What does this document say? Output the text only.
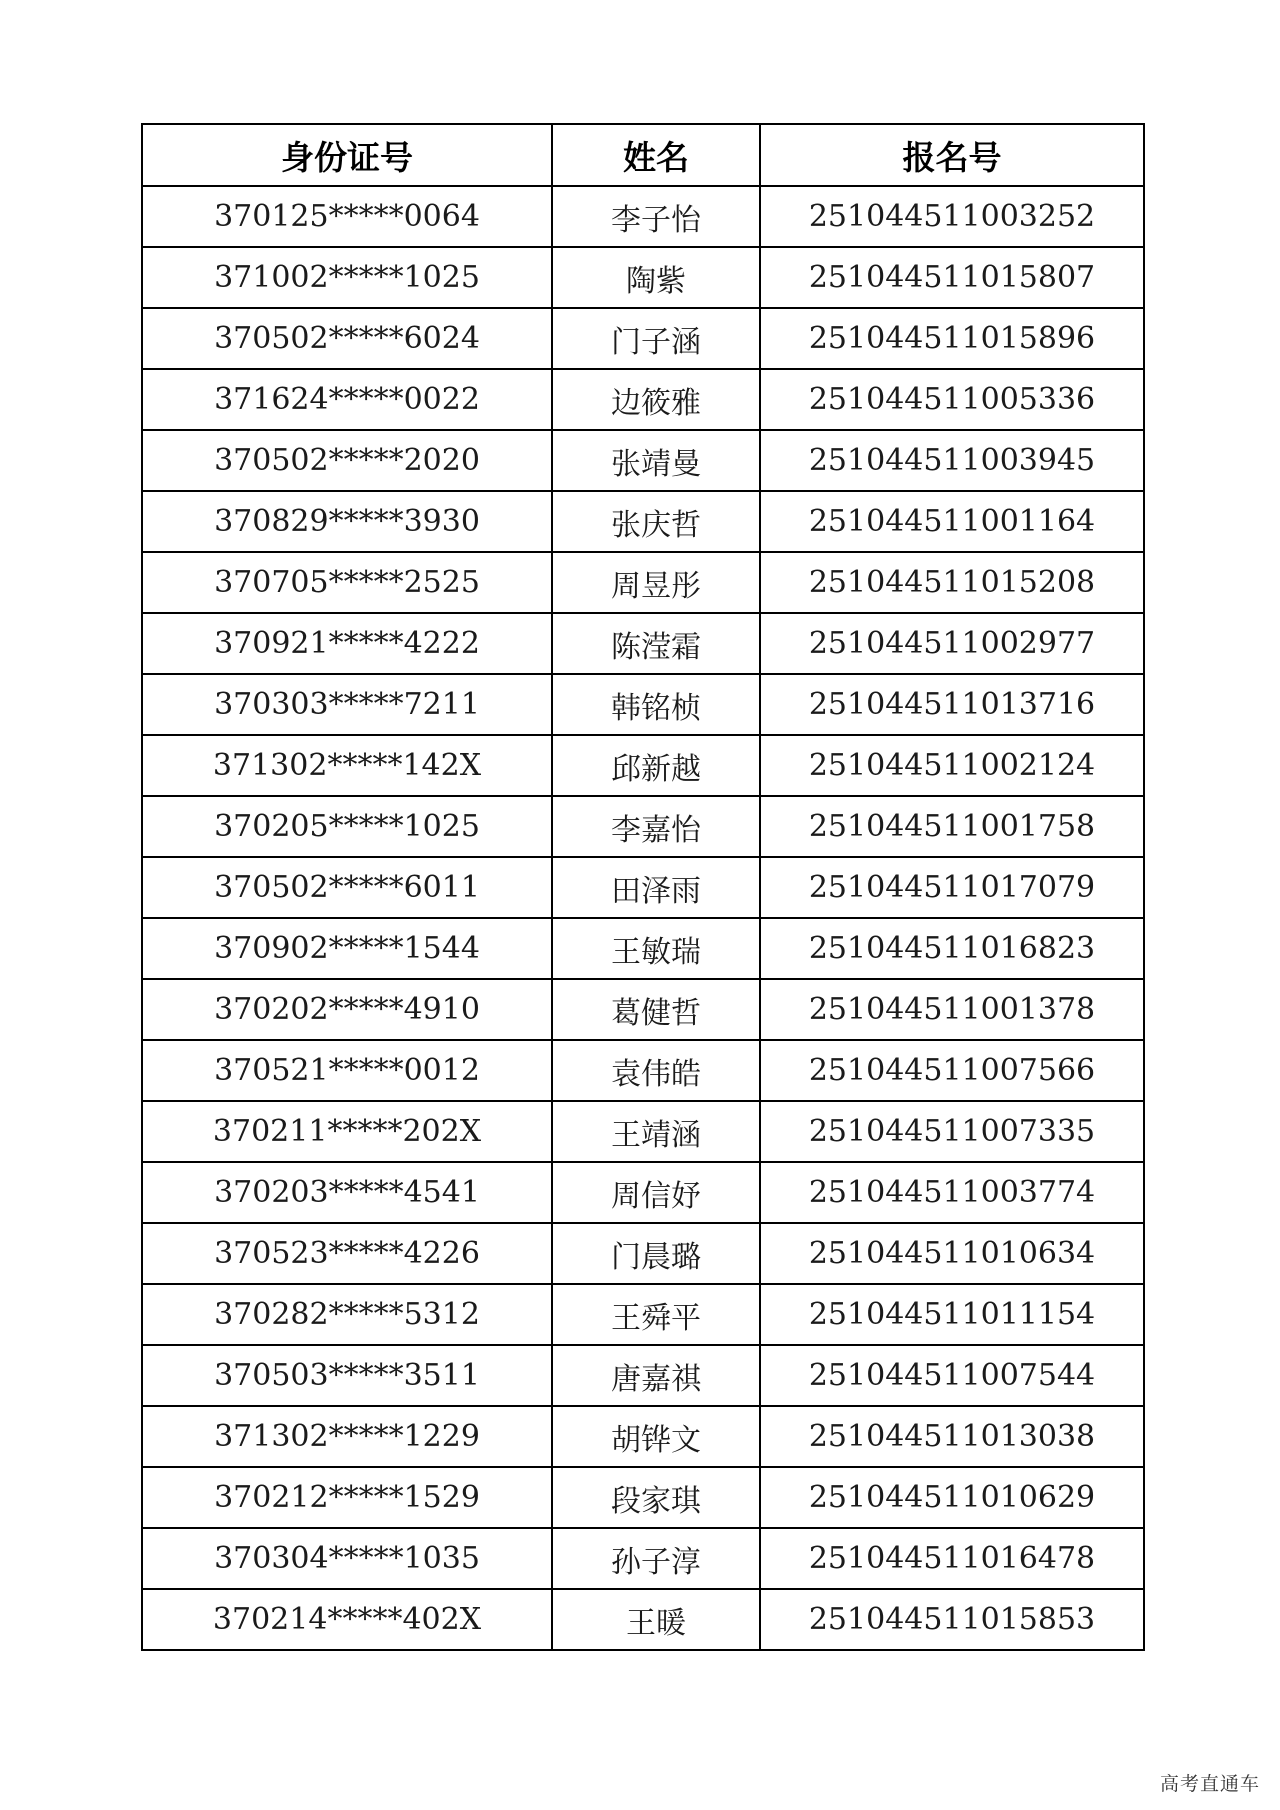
身份证号	姓名	报名号
370125*****0064	李子怡	251044511003252
371002*****1025	陶紫	251044511015807
370502*****6024	门子涵	251044511015896
371624*****0022	边筱雅	251044511005336
370502*****2020	张靖曼	251044511003945
370829*****3930	张庆哲	251044511001164
370705*****2525	周昱彤	251044511015208
370921*****4222	陈滢霜	251044511002977
370303*****7211	韩铭桢	251044511013716
371302*****142X	邱新越	251044511002124
370205*****1025	李嘉怡	251044511001758
370502*****6011	田泽雨	251044511017079
370902*****1544	王敏瑞	251044511016823
370202*****4910	葛健哲	251044511001378
370521*****0012	袁伟皓	251044511007566
370211*****202X	王靖涵	251044511007335
370203*****4541	周信妤	251044511003774
370523*****4226	门晨璐	251044511010634
370282*****5312	王舜平	251044511011154
370503*****3511	唐嘉祺	251044511007544
371302*****1229	胡铧文	251044511013038
370212*****1529	段家琪	251044511010629
370304*****1035	孙子淳	251044511016478
370214*****402X	王暖	251044511015853
高考直通车
